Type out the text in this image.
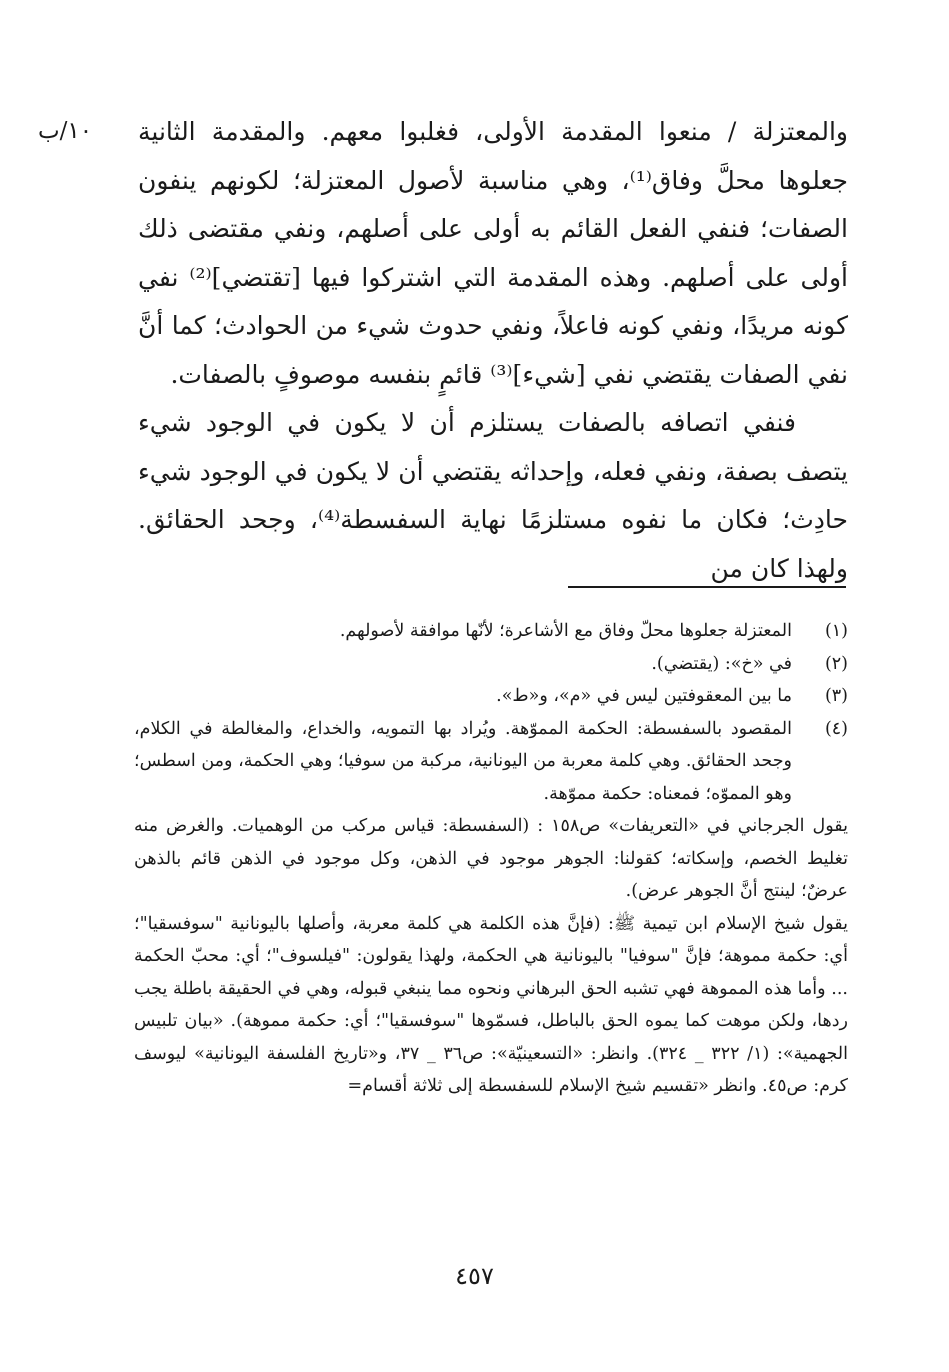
١٠/ب والمعتزلة / منعوا المقدمة الأولى، فغلبوا معهم. والمقدمة الثانية جعلوها محلَّ وفاق⁽¹⁾، وهي مناسبة لأصول المعتزلة؛ لكونهم ينفون الصفات؛ فنفي الفعل القائم به أولى على أصلهم، ونفي مقتضى ذلك أولى على أصلهم. وهذه المقدمة التي اشتركوا فيها [تقتضي]⁽²⁾ نفي كونه مريدًا، ونفي كونه فاعلاً، ونفي حدوث شيء من الحوادث؛ كما أنَّ نفي الصفات يقتضي نفي [شيء]⁽³⁾ قائمٍ بنفسه موصوفٍ بالصفات.

فنفي اتصافه بالصفات يستلزم أن لا يكون في الوجود شيء يتصف بصفة، ونفي فعله، وإحداثه يقتضي أن لا يكون في الوجود شيء حادِث؛ فكان ما نفوه مستلزمًا نهاية السفسطة⁽⁴⁾، وجحد الحقائق. ولهذا كان من

(١)
المعتزلة جعلوها محلّ وفاق مع الأشاعرة؛ لأنّها موافقة لأصولهم.
(٢)
في «خ»: (يقتضي).
(٣)
ما بين المعقوفتين ليس في «م»، و«ط».
(٤)
المقصود بالسفسطة: الحكمة المموّهة. ويُراد بها التمويه، والخداع، والمغالطة في الكلام، وجحد الحقائق. وهي كلمة معربة من اليونانية، مركبة من سوفيا؛ وهي الحكمة، ومن اسطس؛ وهو المموّه؛ فمعناه: حكمة مموّهة.

يقول الجرجاني في «التعريفات» ص١٥٨ : (السفسطة: قياس مركب من الوهميات. والغرض منه تغليط الخصم، وإسكاته؛ كقولنا: الجوهر موجود في الذهن، وكل موجود في الذهن قائم بالذهن عرضٌ؛ لينتج أنَّ الجوهر عرض).

يقول شيخ الإسلام ابن تيمية ﷺ: (فإنَّ هذه الكلمة هي كلمة معربة، وأصلها باليونانية "سوفسقيا"؛ أي: حكمة مموهة؛ فإنَّ "سوفيا" باليونانية هي الحكمة، ولهذا يقولون: "فيلسوف"؛ أي: محبّ الحكمة ... وأما هذه المموهة فهي تشبه الحق البرهاني ونحوه مما ينبغي قبوله، وهي في الحقيقة باطلة يجب ردها، ولكن موهت كما يموه الحق بالباطل، فسمّوها "سوفسقيا"؛ أي: حكمة مموهة). «بيان تلبيس الجهمية»: (١/ ٣٢٢ _ ٣٢٤). وانظر: «التسعينيّة»: ص٣٦ _ ٣٧، و«تاريخ الفلسفة اليونانية» ليوسف كرم: ص٤٥. وانظر «تقسيم شيخ الإسلام للسفسطة إلى ثلاثة أقسام=

٤٥٧
